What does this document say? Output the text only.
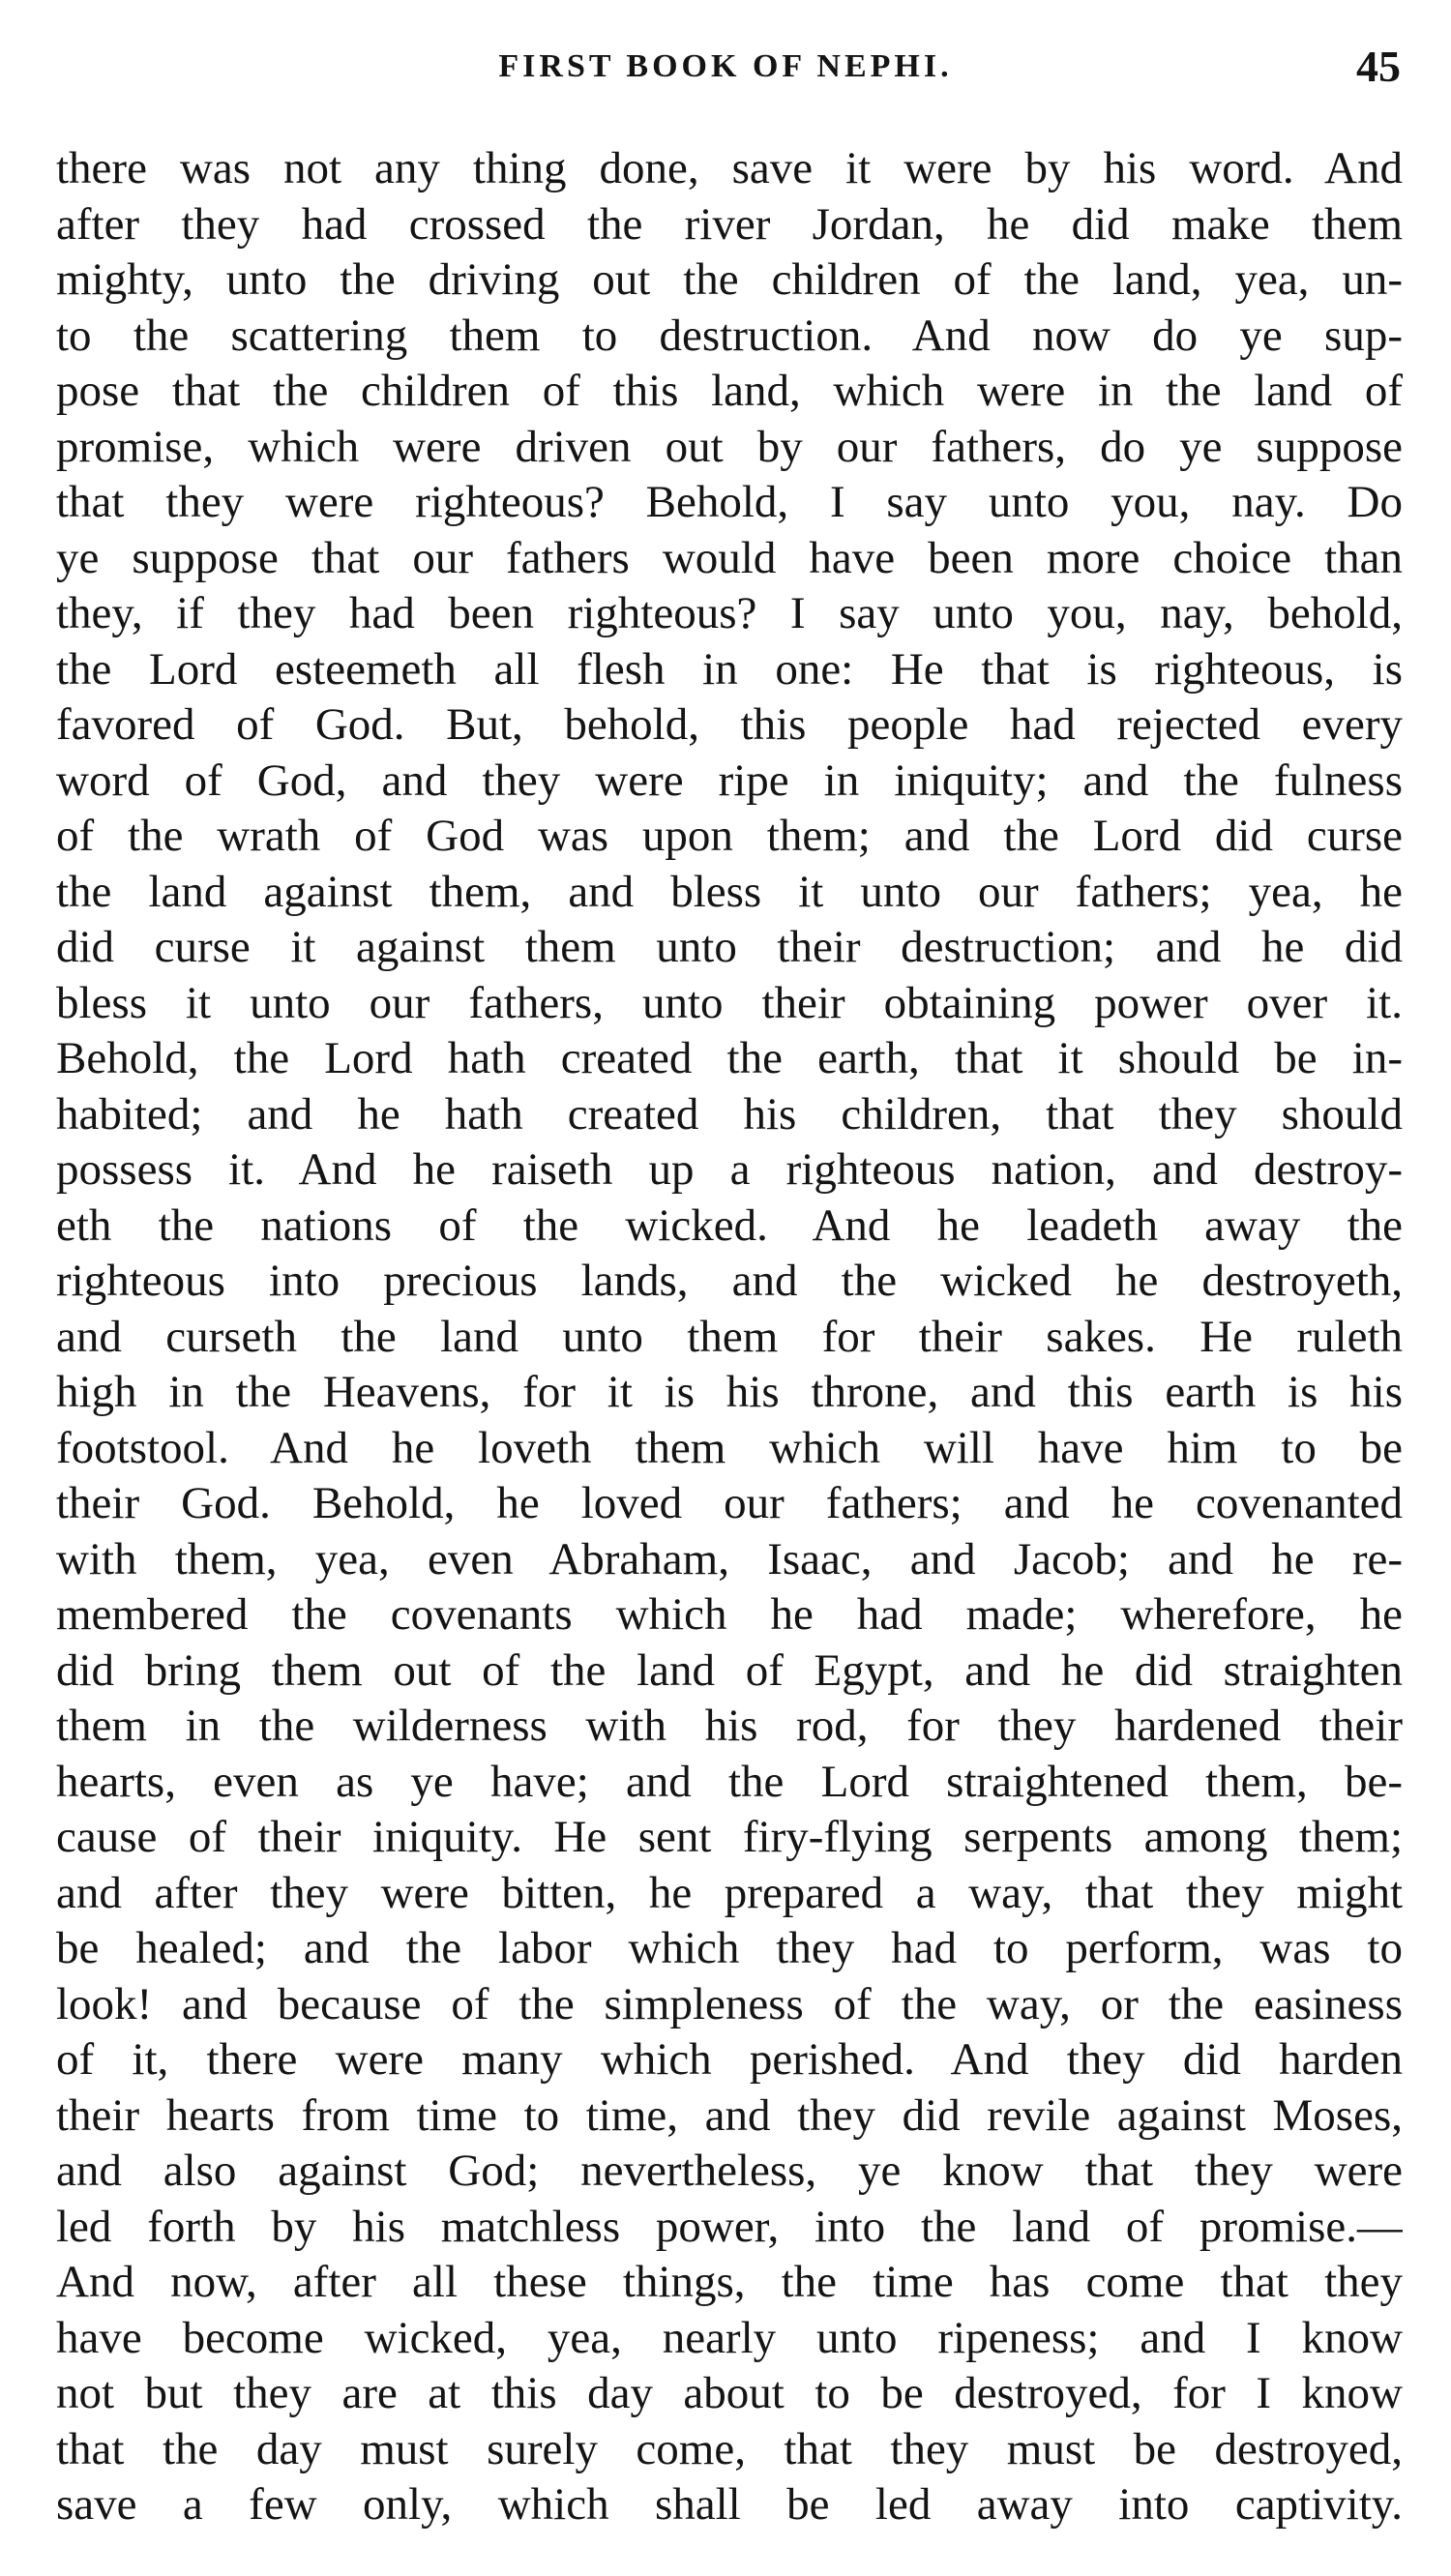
FIRST BOOK OF NEPHI.	45
there was not any thing done, save it were by his word. And
after they had crossed the river Jordan, he did make them
mighty, unto the driving out the children of the land, yea, un-
to the scattering them to destruction. And now do ye sup-
pose that the children of this land, which were in the land of
promise, which were driven out by our fathers, do ye suppose
that they were righteous? Behold, I say unto you, nay. Do
ye suppose that our fathers would have been more choice than
they, if they had been righteous? I say unto you, nay, behold,
the Lord esteemeth all flesh in one: He that is righteous, is
favored of God. But, behold, this people had rejected every
word of God, and they were ripe in iniquity; and the fulness
of the wrath of God was upon them; and the Lord did curse
the land against them, and bless it unto our fathers; yea, he
did curse it against them unto their destruction; and he did
bless it unto our fathers, unto their obtaining power over it.
Behold, the Lord hath created the earth, that it should be in-
habited; and he hath created his children, that they should
possess it. And he raiseth up a righteous nation, and destroy-
eth the nations of the wicked. And he leadeth away the
righteous into precious lands, and the wicked he destroyeth,
and curseth the land unto them for their sakes. He ruleth
high in the Heavens, for it is his throne, and this earth is his
footstool. And he loveth them which will have him to be
their God. Behold, he loved our fathers; and he covenanted
with them, yea, even Abraham, Isaac, and Jacob; and he re-
membered the covenants which he had made; wherefore, he
did bring them out of the land of Egypt, and he did straighten
them in the wilderness with his rod, for they hardened their
hearts, even as ye have; and the Lord straightened them, be-
cause of their iniquity. He sent firy-flying serpents among them;
and after they were bitten, he prepared a way, that they might
be healed; and the labor which they had to perform, was to
look! and because of the simpleness of the way, or the easiness
of it, there were many which perished. And they did harden
their hearts from time to time, and they did revile against Moses,
and also against God; nevertheless, ye know that they were
led forth by his matchless power, into the land of promise.—
And now, after all these things, the time has come that they
have become wicked, yea, nearly unto ripeness; and I know
not but they are at this day about to be destroyed, for I know
that the day must surely come, that they must be destroyed,
save a few only, which shall be led away into captivity.
